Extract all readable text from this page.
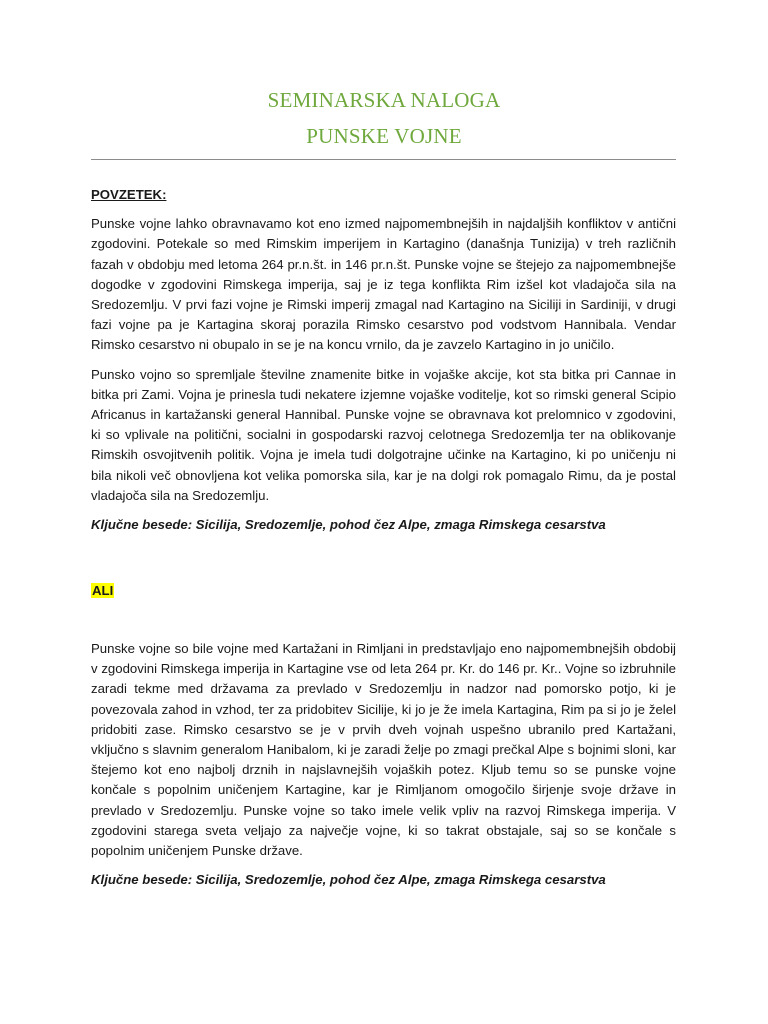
SEMINARSKA NALOGA
PUNSKE VOJNE
POVZETEK:

Punske vojne lahko obravnavamo kot eno izmed najpomembnejših in najdaljših konfliktov v antični zgodovini. Potekale so med Rimskim imperijem in Kartagino (današnja Tunizija) v treh različnih fazah v obdobju med letoma 264 pr.n.št. in 146 pr.n.št. Punske vojne se štejejo za najpomembnejše dogodke v zgodovini Rimskega imperija, saj je iz tega konflikta Rim izšel kot vladajoča sila na Sredozemlju. V prvi fazi vojne je Rimski imperij zmagal nad Kartagino na Siciliji in Sardiniji, v drugi fazi vojne pa je Kartagina skoraj porazila Rimsko cesarstvo pod vodstvom Hannibala. Vendar Rimsko cesarstvo ni obupalo in se je na koncu vrnilo, da je zavzelo Kartagino in jo uničilo.

Punsko vojno so spremljale številne znamenite bitke in vojaške akcije, kot sta bitka pri Cannae in bitka pri Zami. Vojna je prinesla tudi nekatere izjemne vojaške voditelje, kot so rimski general Scipio Africanus in kartažanski general Hannibal. Punske vojne se obravnava kot prelomnico v zgodovini, ki so vplivale na politični, socialni in gospodarski razvoj celotnega Sredozemlja ter na oblikovanje Rimskih osvojitvenih politik. Vojna je imela tudi dolgotrajne učinke na Kartagino, ki po uničenju ni bila nikoli več obnovljena kot velika pomorska sila, kar je na dolgi rok pomagalo Rimu, da je postal vladajoča sila na Sredozemlju.

Ključne besede: Sicilija, Sredozemlje, pohod čez Alpe, zmaga Rimskega cesarstva

ALI

Punske vojne so bile vojne med Kartažani in Rimljani in predstavljajo eno najpomembnejših obdobij v zgodovini Rimskega imperija in Kartagine vse od leta 264 pr. Kr. do 146 pr. Kr.. Vojne so izbruhnile zaradi tekme med državama za prevlado v Sredozemlju in nadzor nad pomorsko potjo, ki je povezovala zahod in vzhod, ter za pridobitev Sicilije, ki jo je že imela Kartagina, Rim pa si jo je želel pridobiti zase. Rimsko cesarstvo se je v prvih dveh vojnah uspešno ubranilo pred Kartažani, vključno s slavnim generalom Hanibalom, ki je zaradi želje po zmagi prečkal Alpe s bojnimi sloni, kar štejemo kot eno najbolj drznih in najslavnejših vojaških potez. Kljub temu so se punske vojne končale s popolnim uničenjem Kartagine, kar je Rimljanom omogočilo širjenje svoje države in prevlado v Sredozemlju. Punske vojne so tako imele velik vpliv na razvoj Rimskega imperija. V zgodovini starega sveta veljajo za največje vojne, ki so takrat obstajale, saj so se končale s popolnim uničenjem Punske države.

Ključne besede: Sicilija, Sredozemlje, pohod čez Alpe, zmaga Rimskega cesarstva
